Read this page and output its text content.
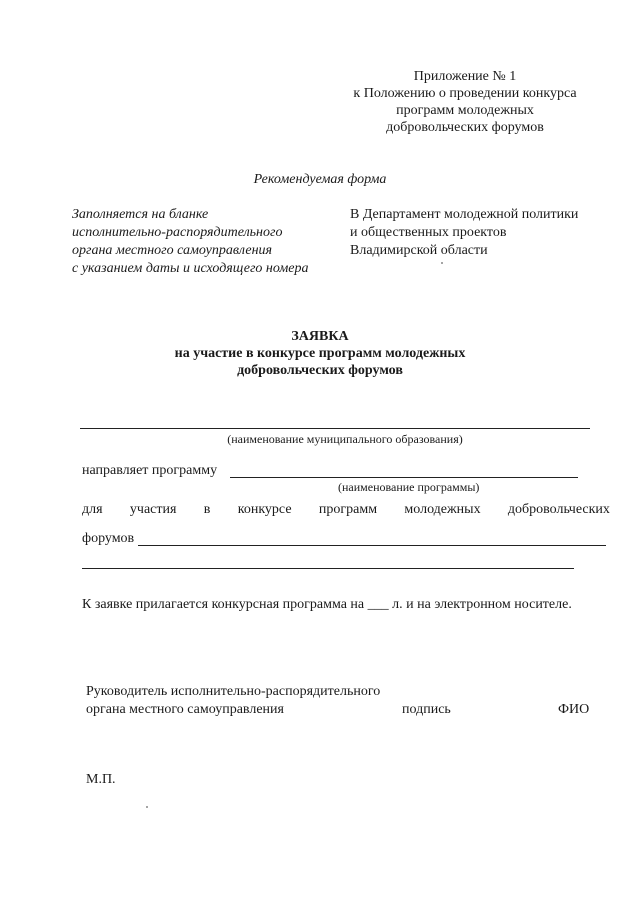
Приложение № 1
к Положению о проведении конкурса
программ молодежных
добровольческих форумов
Рекомендуемая форма
Заполняется на бланке
исполнительно-распорядительного
органа местного самоуправления
с указанием даты и исходящего номера
В Департамент молодежной политики
и общественных проектов
Владимирской области
ЗАЯВКА
на участие в конкурсе программ молодежных
добровольческих форумов
(наименование муниципального образования)
направляет программу
(наименование программы)
для участия в конкурсе программ молодежных добровольческих
форумов
К заявке прилагается конкурсная программа на ___ л. и на электронном носителе.
Руководитель исполнительно-распорядительного
органа местного самоуправления	подпись	ФИО
М.П.
